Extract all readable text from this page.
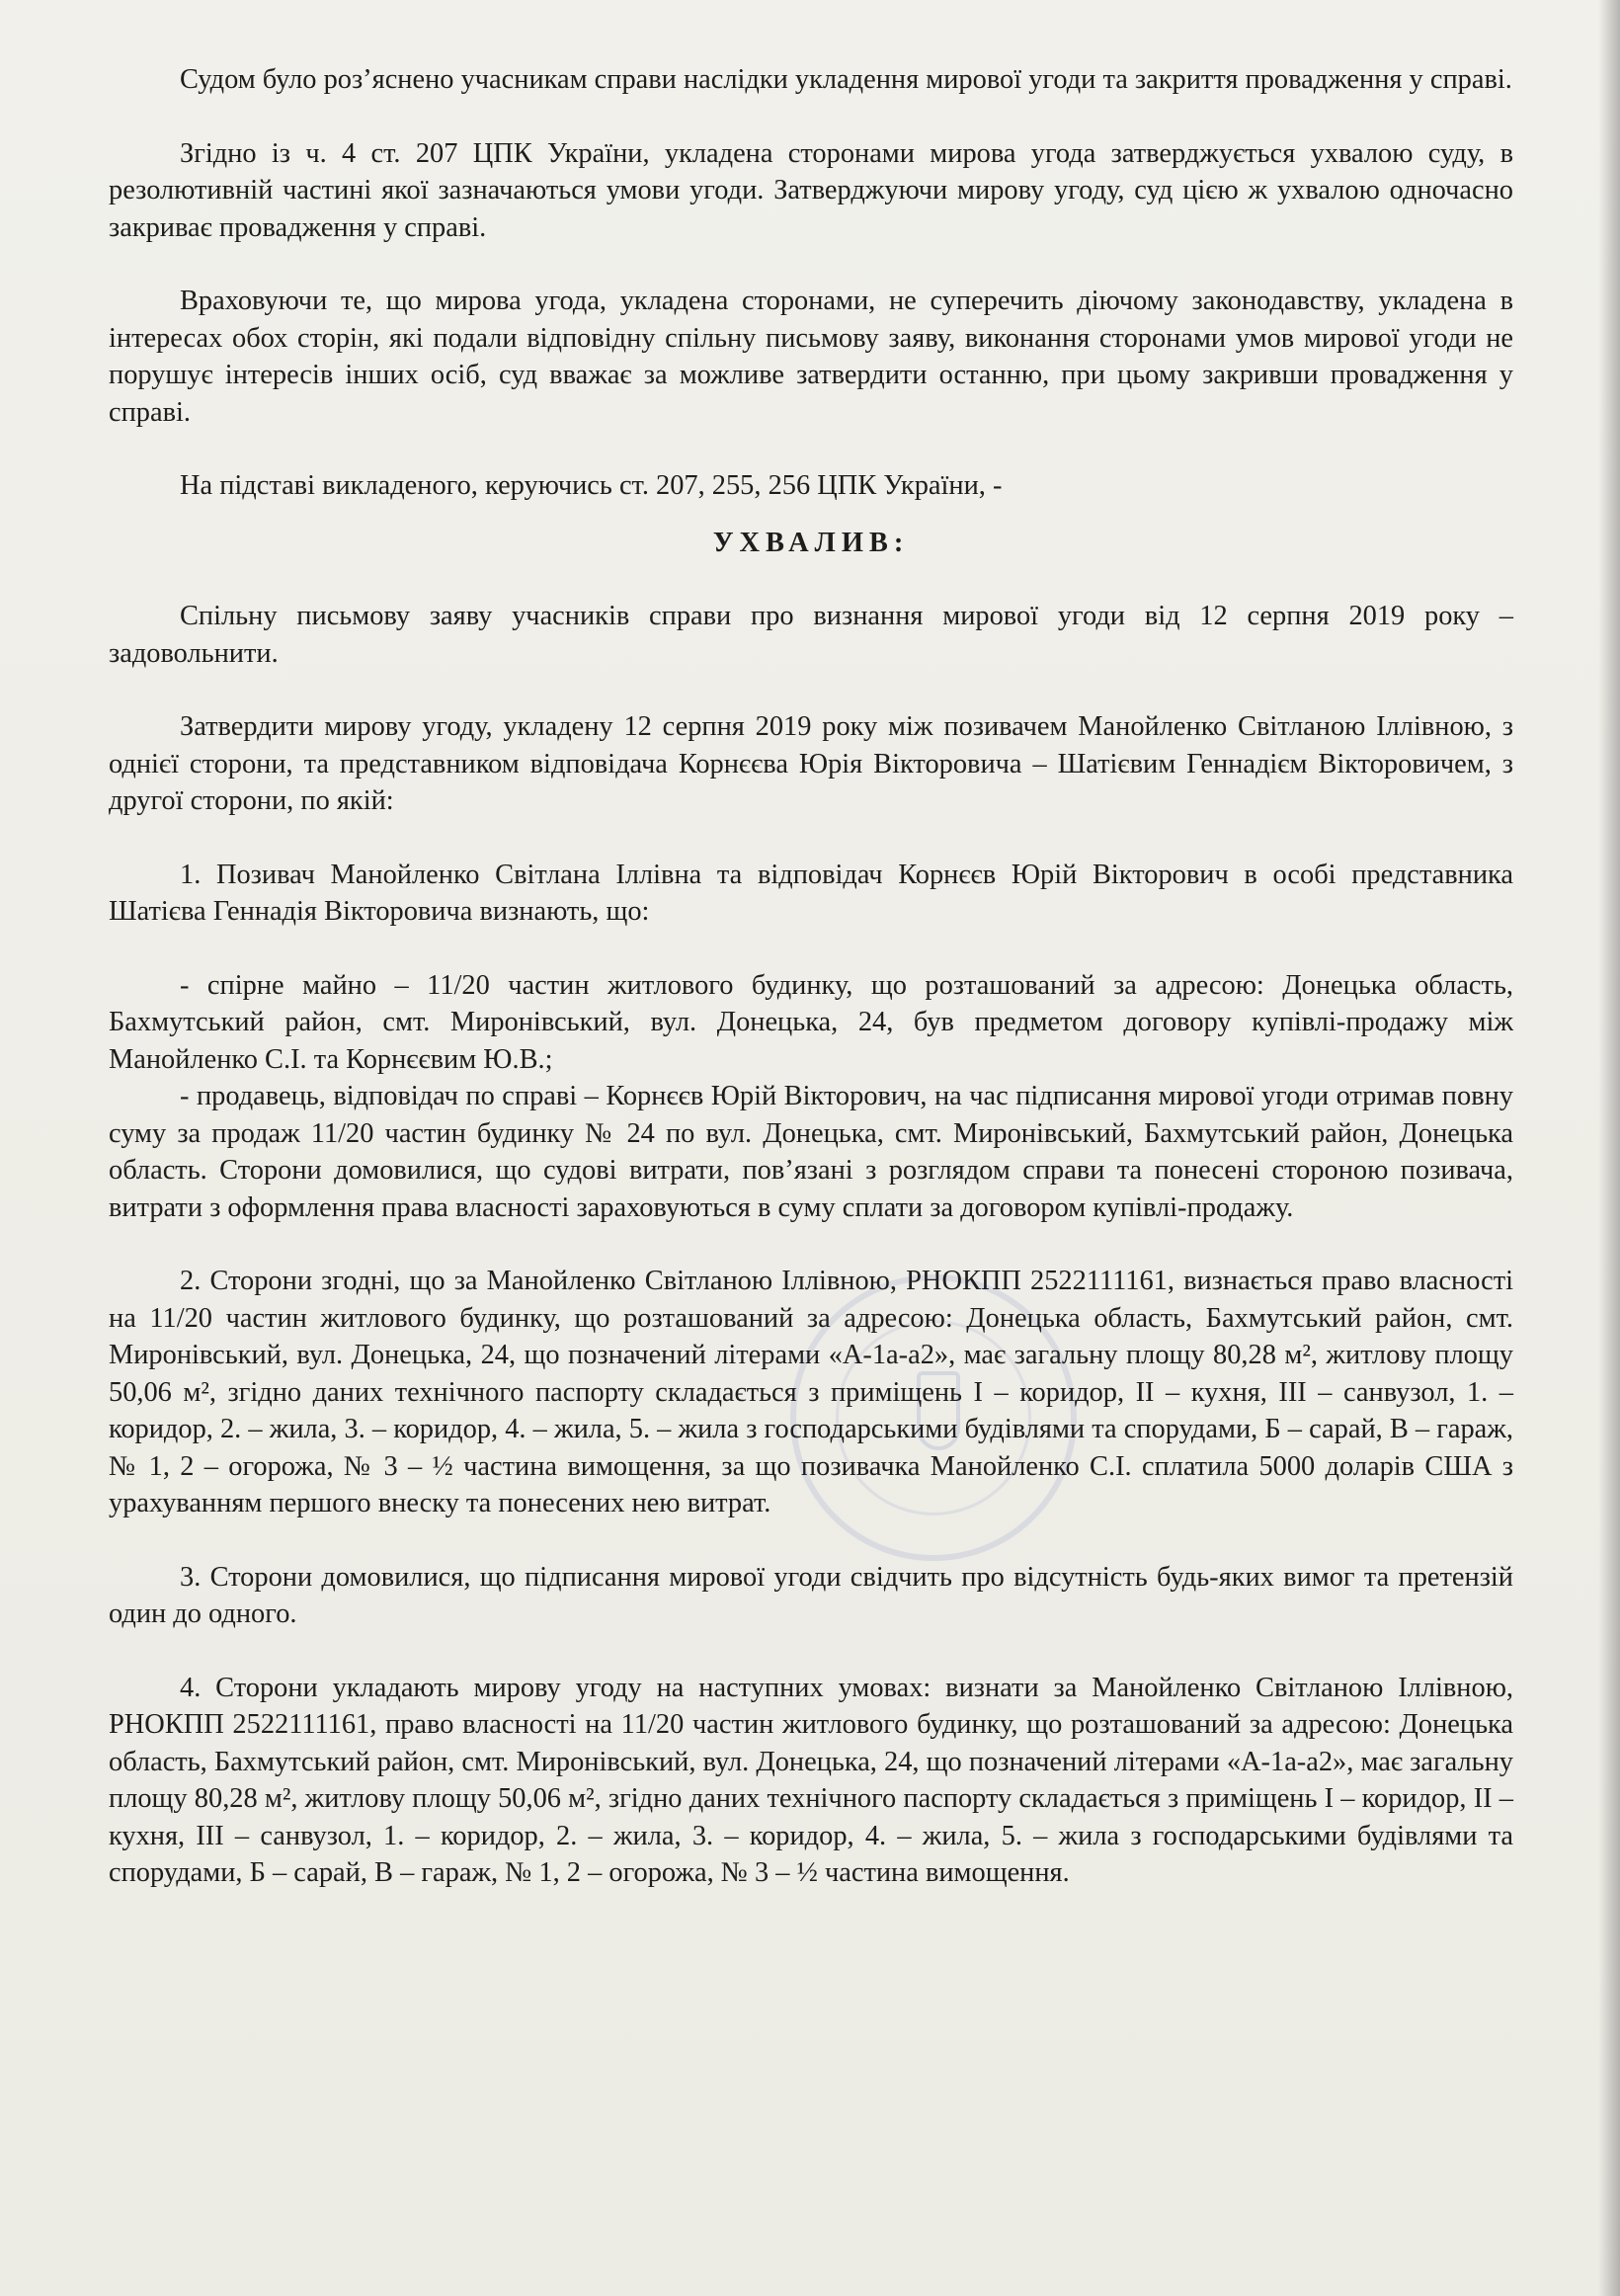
Судом було роз’яснено учасникам справи наслідки укладення мирової угоди та закриття провадження у справі.

Згідно із ч. 4 ст. 207 ЦПК України, укладена сторонами мирова угода затверджується ухвалою суду, в резолютивній частині якої зазначаються умови угоди. Затверджуючи мирову угоду, суд цією ж ухвалою одночасно закриває провадження у справі.

Враховуючи те, що мирова угода, укладена сторонами, не суперечить діючому законодавству, укладена в інтересах обох сторін, які подали відповідну спільну письмову заяву, виконання сторонами умов мирової угоди не порушує інтересів інших осіб, суд вважає за можливе затвердити останню, при цьому закривши провадження у справі.

На підставі викладеного, керуючись ст. 207, 255, 256 ЦПК України, -

УХВАЛИВ:

Спільну письмову заяву учасників справи про визнання мирової угоди від 12 серпня 2019 року – задовольнити.

Затвердити мирову угоду, укладену 12 серпня 2019 року між позивачем Манойленко Світланою Іллівною, з однієї сторони, та представником відповідача Корнєєва Юрія Вікторовича – Шатієвим Геннадієм Вікторовичем, з другої сторони, по якій:

1. Позивач Манойленко Світлана Іллівна та відповідач Корнєєв Юрій Вікторович в особі представника Шатієва Геннадія Вікторовича визнають, що:

- спірне майно – 11/20 частин житлового будинку, що розташований за адресою: Донецька область, Бахмутський район, смт. Миронівський, вул. Донецька, 24, був предметом договору купівлі-продажу між Манойленко С.І. та Корнєєвим Ю.В.;

- продавець, відповідач по справі – Корнєєв Юрій Вікторович, на час підписання мирової угоди отримав повну суму за продаж 11/20 частин будинку № 24 по вул. Донецька, смт. Миронівський, Бахмутський район, Донецька область. Сторони домовилися, що судові витрати, пов’язані з розглядом справи та понесені стороною позивача, витрати з оформлення права власності зараховуються в суму сплати за договором купівлі-продажу.

2. Сторони згодні, що за Манойленко Світланою Іллівною, РНОКПП 2522111161, визнається право власності на 11/20 частин житлового будинку, що розташований за адресою: Донецька область, Бахмутський район, смт. Миронівський, вул. Донецька, 24, що позначений літерами «А-1а-а2», має загальну площу 80,28 м², житлову площу 50,06 м², згідно даних технічного паспорту складається з приміщень І – коридор, ІІ – кухня, ІІІ – санвузол, 1. – коридор, 2. – жила, 3. – коридор, 4. – жила, 5. – жила з господарськими будівлями та спорудами, Б – сарай, В – гараж, № 1, 2 – огорожа, № 3 – ½ частина вимощення, за що позивачка Манойленко С.І. сплатила 5000 доларів США з урахуванням першого внеску та понесених нею витрат.

3. Сторони домовилися, що підписання мирової угоди свідчить про відсутність будь-яких вимог та претензій один до одного.

4. Сторони укладають мирову угоду на наступних умовах: визнати за Манойленко Світланою Іллівною, РНОКПП 2522111161, право власності на 11/20 частин житлового будинку, що розташований за адресою: Донецька область, Бахмутський район, смт. Миронівський, вул. Донецька, 24, що позначений літерами «А-1а-а2», має загальну площу 80,28 м², житлову площу 50,06 м², згідно даних технічного паспорту складається з приміщень І – коридор, ІІ – кухня, ІІІ – санвузол, 1. – коридор, 2. – жила, 3. – коридор, 4. – жила, 5. – жила з господарськими будівлями та спорудами, Б – сарай, В – гараж, № 1, 2 – огорожа, № 3 – ½ частина вимощення.
